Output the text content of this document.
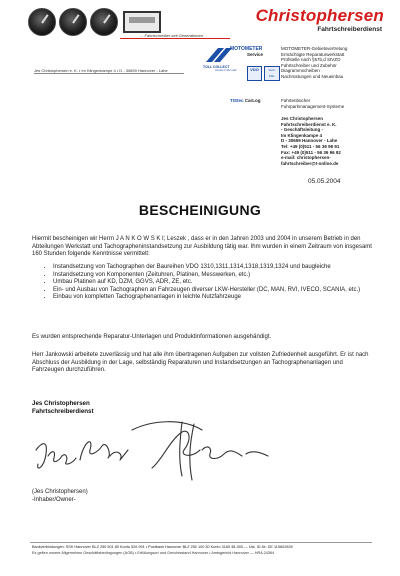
... Fahrtschreiber seit Generationen
Christophersen
Fahrtschreiberdienst
Jes Christophersen e. K. • Im Klingenkampe 4 • D - 30659 Hannover - Lahe
TOLL COLLECT
service on the road
MOTOMETER
Service
VDO	Vertr. Part.
MOTOMETER-Gebietsvertretung
Ermächtigte Reparaturwerkstatt
Prüfstelle nach §57b,d StVZO
Fahrtschreiber und Zubehör
Diagrammscheiben
Nachrüstungen und Neueinbau
TIStec CarLog	Fahrtenbücher
Fuhrparkmanagement-Systeme
Jes Christophersen
Fahrtschreiberdienst e. K.
- Geschäftsleitung -
Im Klingenkampe 4
D - 30659 Hannover - Lahe
Tel: +49 (0)511 - 56 36 96 91
Fax: +49 (0)511 - 56 36 96 92
e-mail: christophersen-
fahrtschreiber@t-online.de
05.05.2004
BESCHEINIGUNG
Hiermit bescheinigen wir Herrn J A N K O W S K I; Leszek , dass er in den Jahren 2003 und 2004 in unserem Betrieb in den Abteilungen Werkstatt und Tachographeninstandsetzung zur Ausbildung tätig war. Ihm wurden in einem Zeitraum von insgesamt 160 Stunden folgende Kenntnisse vermittelt:
• Instandsetzung von Tachographen der Baureihen VDO 1310,1311,1314,1318,1319,1324 und baugleiche
• Instandsetzung von Komponenten (Zeituhren, Platinen, Messwerken, etc.)
• Umbau Platinen auf KD, DZM, GGVS, ADR, ZE, etc.
• Ein- und Ausbau von Tachographen an Fahrzeugen diverser LKW-Hersteller (DC, MAN, RVI, IVECO, SCANIA, etc.)
• Einbau von kompletten Tachographenanlagen in leichte Nutzfahrzeuge
Es wurden entsprechende Reparatur-Unterlagen und Produktinformationen ausgehändigt.
Herr Jankowski arbeitete zuverlässig und hat alle ihm übertragenen Aufgaben zur vollsten Zufriedenheit ausgeführt. Er ist nach Abschluss der Ausbildung in der Lage, selbständig Reparaturen und Instandsetzungen an Tachographenanlagen und Fahrzeugen durchzuführen.
Jes Christophersen
Fahrtschreiberdienst
(Jes Christophersen)
-Inhaber/Owner-
Bankverbindungen: SSK Hannover BLZ 250 501 80 Konto 526 991 • Postbank Hannover BLZ 250 100 30 Konto 3160 48-300 — Ust. ID-Nr. DE 115602839
Es gelten unsere Allgemeinen Geschäftsbedingungen (AGB) • Erfüllungsort und Gerichtsstand Hannover • Amtsgericht Hannover — HRA 24364
